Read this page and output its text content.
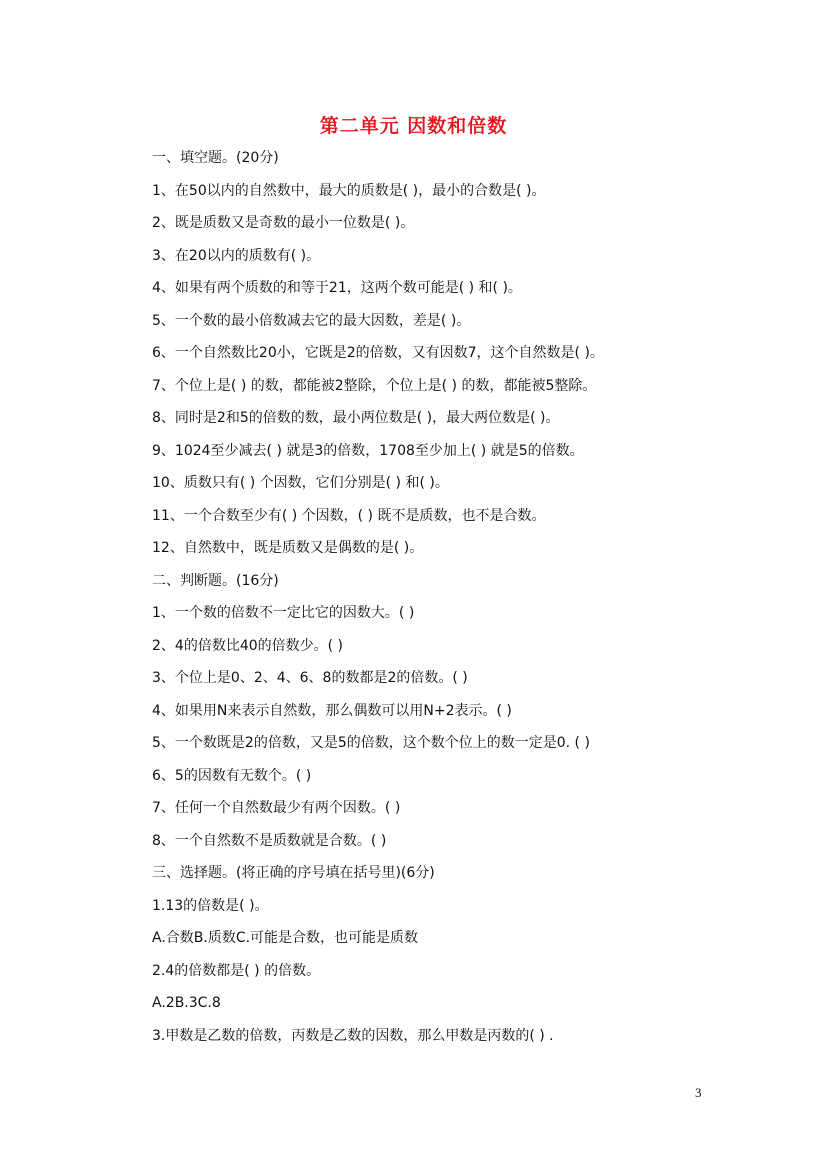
第二单元 因数和倍数
一、填空题。(20分)
1、在50以内的自然数中，最大的质数是( )，最小的合数是( )。
2、既是质数又是奇数的最小一位数是( )。
3、在20以内的质数有( )。
4、如果有两个质数的和等于21，这两个数可能是( ) 和( )。
5、一个数的最小倍数减去它的最大因数，差是( )。
6、一个自然数比20小，它既是2的倍数，又有因数7，这个自然数是( )。
7、个位上是( ) 的数，都能被2整除，个位上是( ) 的数，都能被5整除。
8、同时是2和5的倍数的数，最小两位数是( )，最大两位数是( )。
9、1024至少减去( ) 就是3的倍数，1708至少加上( ) 就是5的倍数。
10、质数只有( ) 个因数，它们分别是( ) 和( )。
11、一个合数至少有( ) 个因数，( ) 既不是质数，也不是合数。
12、自然数中，既是质数又是偶数的是( )。
二、判断题。(16分)
1、一个数的倍数不一定比它的因数大。( )
2、4的倍数比40的倍数少。( )
3、个位上是0、2、4、6、8的数都是2的倍数。( )
4、如果用N来表示自然数，那么偶数可以用N+2表示。( )
5、一个数既是2的倍数，又是5的倍数，这个数个位上的数一定是0. ( )
6、5的因数有无数个。( )
7、任何一个自然数最少有两个因数。( )
8、一个自然数不是质数就是合数。( )
三、选择题。(将正确的序号填在括号里)(6分)
1.13的倍数是( )。
A.合数B.质数C.可能是合数，也可能是质数
2.4的倍数都是( ) 的倍数。
A.2B.3C.8
3.甲数是乙数的倍数，丙数是乙数的因数，那么甲数是丙数的( ) .
3
